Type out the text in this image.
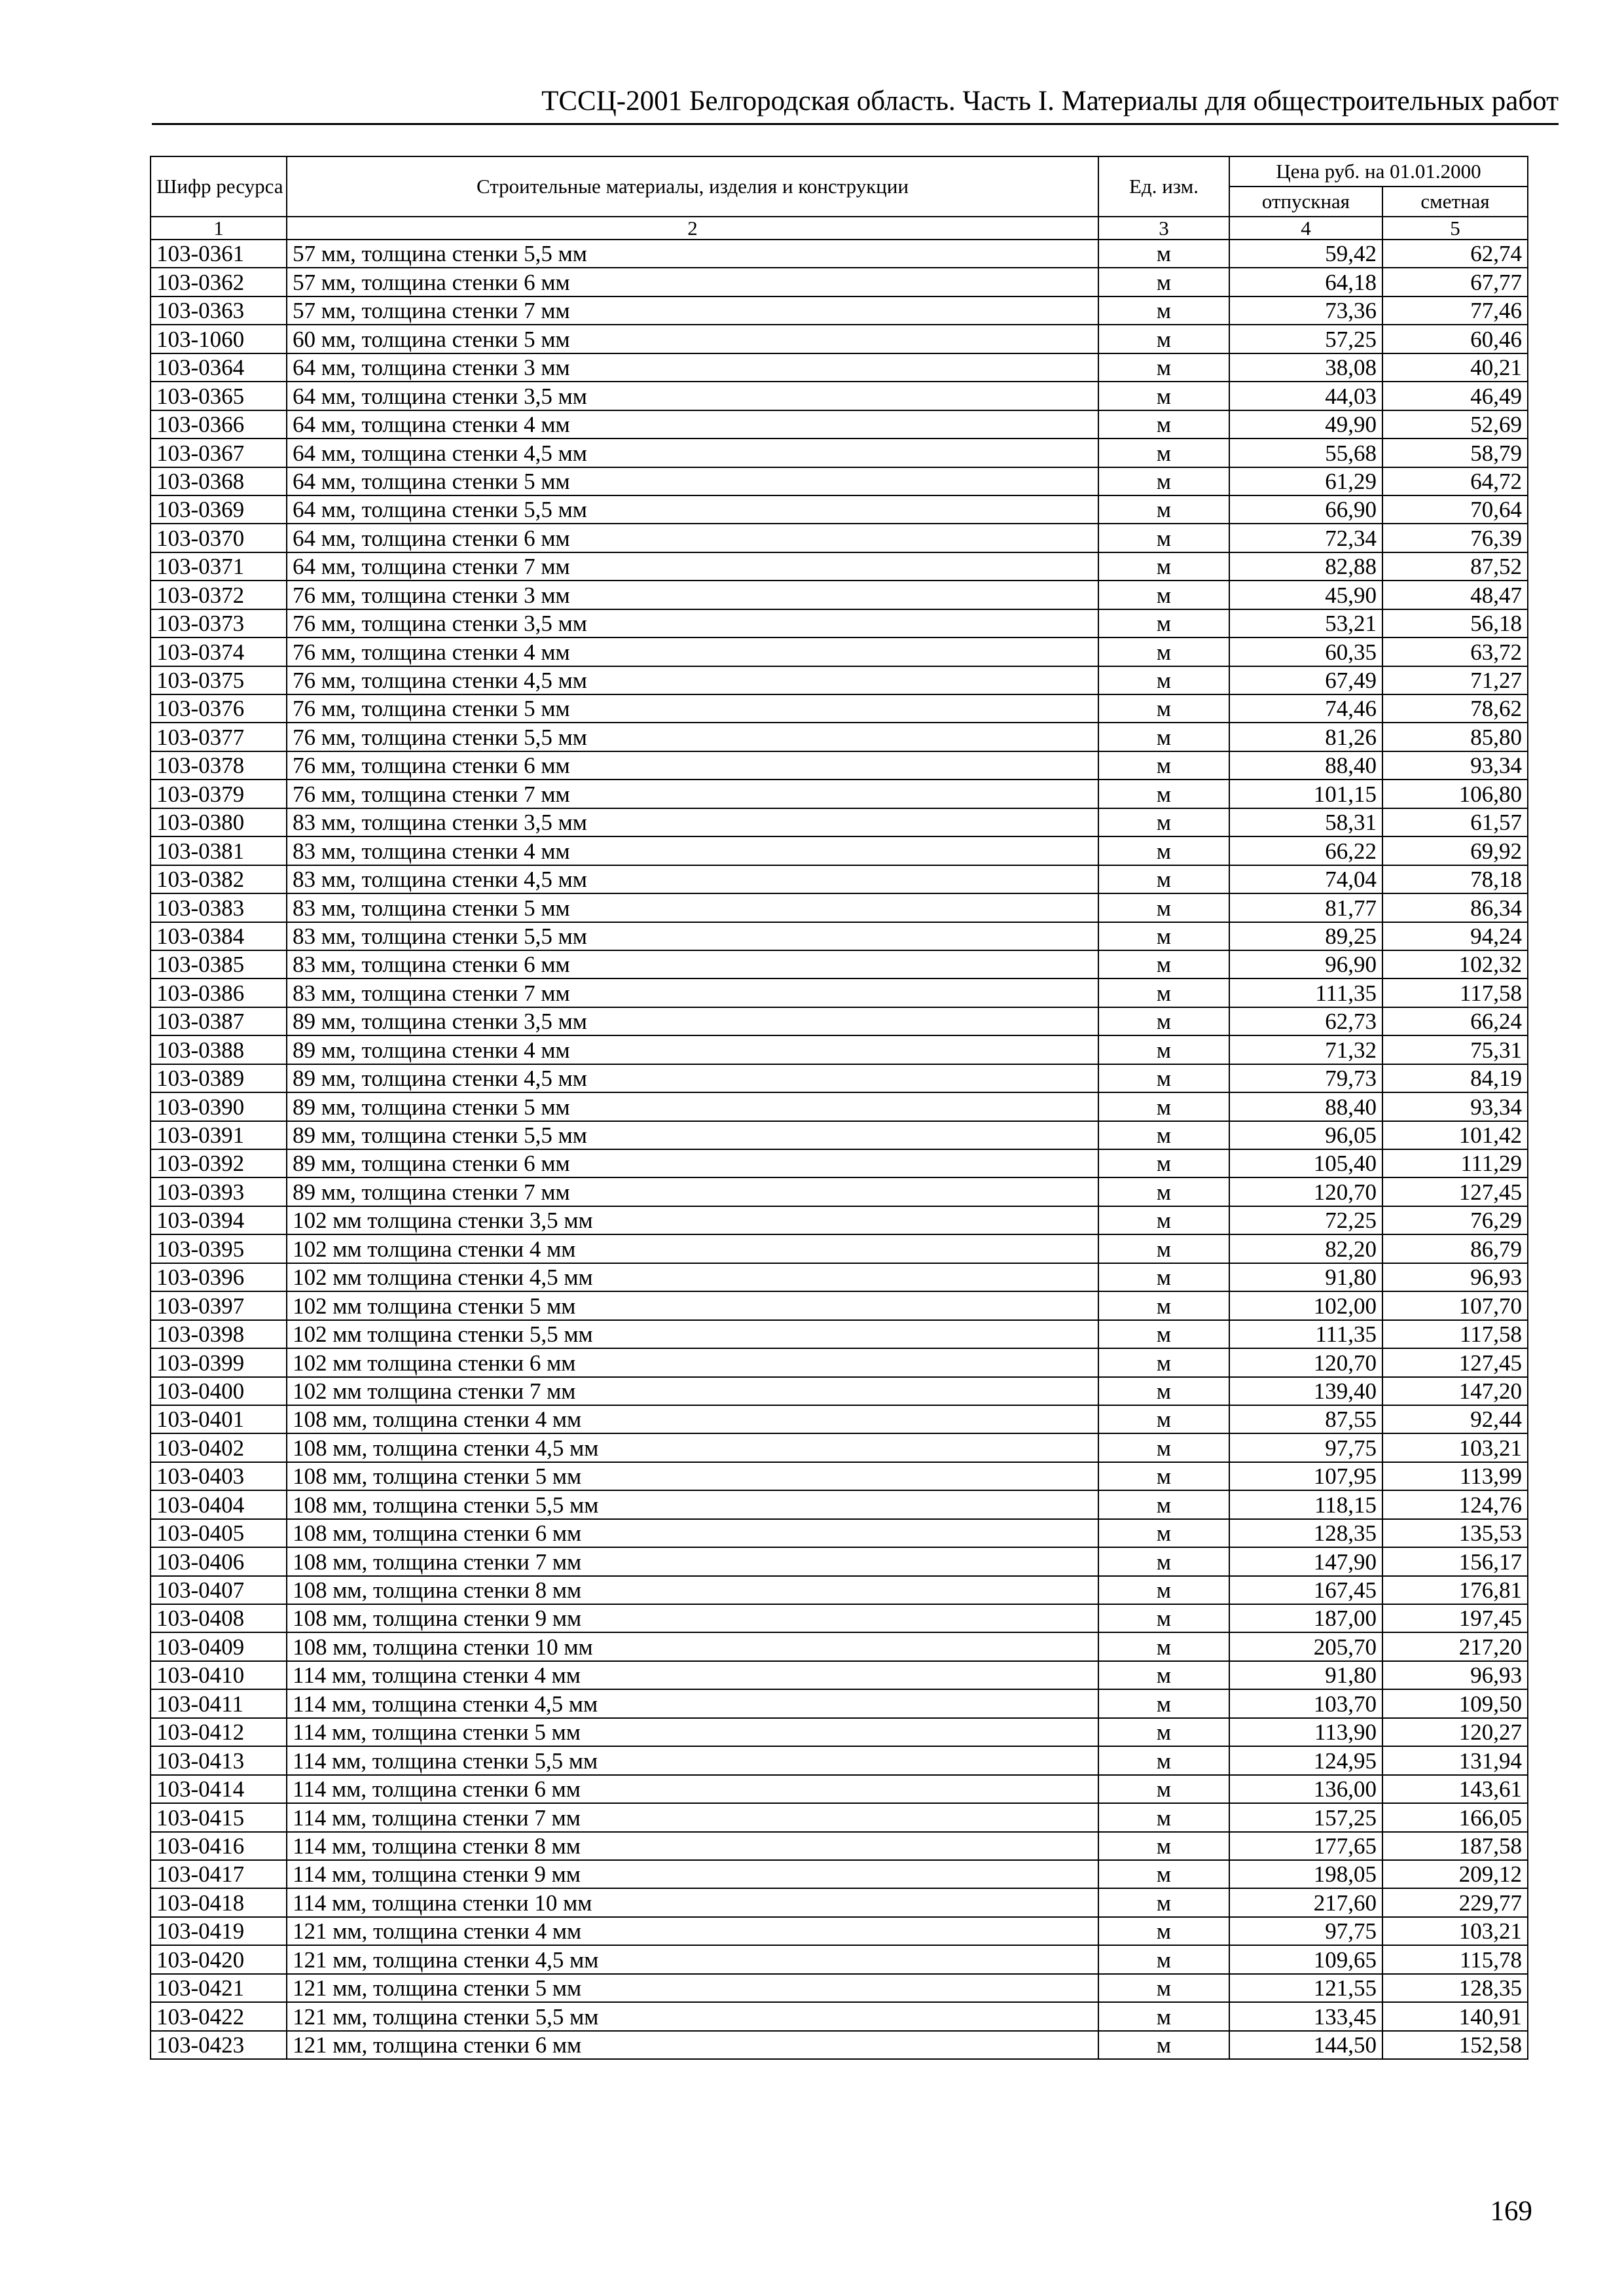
ТССЦ-2001 Белгородская область. Часть I. Материалы для общестроительных работ
Шифр ресурса	Строительные материалы, изделия и конструкции	Ед. изм.	Цена руб. на 01.01.2000	
			отпускная	сметная
1	2	3	4	5
103-0361	57 мм, толщина стенки 5,5 мм	м	59,42	62,74
103-0362	57 мм, толщина стенки 6 мм	м	64,18	67,77
103-0363	57 мм, толщина стенки 7 мм	м	73,36	77,46
103-1060	60 мм, толщина стенки 5 мм	м	57,25	60,46
103-0364	64 мм, толщина стенки 3 мм	м	38,08	40,21
103-0365	64 мм, толщина стенки 3,5 мм	м	44,03	46,49
103-0366	64 мм, толщина стенки 4 мм	м	49,90	52,69
103-0367	64 мм, толщина стенки 4,5 мм	м	55,68	58,79
103-0368	64 мм, толщина стенки 5 мм	м	61,29	64,72
103-0369	64 мм, толщина стенки 5,5 мм	м	66,90	70,64
103-0370	64 мм, толщина стенки 6 мм	м	72,34	76,39
103-0371	64 мм, толщина стенки 7 мм	м	82,88	87,52
103-0372	76 мм, толщина стенки 3 мм	м	45,90	48,47
103-0373	76 мм, толщина стенки 3,5 мм	м	53,21	56,18
103-0374	76 мм, толщина стенки 4 мм	м	60,35	63,72
103-0375	76 мм, толщина стенки 4,5 мм	м	67,49	71,27
103-0376	76 мм, толщина стенки 5 мм	м	74,46	78,62
103-0377	76 мм, толщина стенки 5,5 мм	м	81,26	85,80
103-0378	76 мм, толщина стенки 6 мм	м	88,40	93,34
103-0379	76 мм, толщина стенки 7 мм	м	101,15	106,80
103-0380	83 мм, толщина стенки 3,5 мм	м	58,31	61,57
103-0381	83 мм, толщина стенки 4 мм	м	66,22	69,92
103-0382	83 мм, толщина стенки 4,5 мм	м	74,04	78,18
103-0383	83 мм, толщина стенки 5 мм	м	81,77	86,34
103-0384	83 мм, толщина стенки 5,5 мм	м	89,25	94,24
103-0385	83 мм, толщина стенки 6 мм	м	96,90	102,32
103-0386	83 мм, толщина стенки 7 мм	м	111,35	117,58
103-0387	89 мм, толщина стенки 3,5 мм	м	62,73	66,24
103-0388	89 мм, толщина стенки 4 мм	м	71,32	75,31
103-0389	89 мм, толщина стенки 4,5 мм	м	79,73	84,19
103-0390	89 мм, толщина стенки 5 мм	м	88,40	93,34
103-0391	89 мм, толщина стенки 5,5 мм	м	96,05	101,42
103-0392	89 мм, толщина стенки 6 мм	м	105,40	111,29
103-0393	89 мм, толщина стенки 7 мм	м	120,70	127,45
103-0394	102 мм толщина стенки 3,5 мм	м	72,25	76,29
103-0395	102 мм толщина стенки 4 мм	м	82,20	86,79
103-0396	102 мм толщина стенки 4,5 мм	м	91,80	96,93
103-0397	102 мм толщина стенки 5 мм	м	102,00	107,70
103-0398	102 мм толщина стенки 5,5 мм	м	111,35	117,58
103-0399	102 мм толщина стенки 6 мм	м	120,70	127,45
103-0400	102 мм толщина стенки 7 мм	м	139,40	147,20
103-0401	108 мм, толщина стенки 4 мм	м	87,55	92,44
103-0402	108 мм, толщина стенки 4,5 мм	м	97,75	103,21
103-0403	108 мм, толщина стенки 5 мм	м	107,95	113,99
103-0404	108 мм, толщина стенки 5,5 мм	м	118,15	124,76
103-0405	108 мм, толщина стенки 6 мм	м	128,35	135,53
103-0406	108 мм, толщина стенки 7 мм	м	147,90	156,17
103-0407	108 мм, толщина стенки 8 мм	м	167,45	176,81
103-0408	108 мм, толщина стенки 9 мм	м	187,00	197,45
103-0409	108 мм, толщина стенки 10 мм	м	205,70	217,20
103-0410	114 мм, толщина стенки 4 мм	м	91,80	96,93
103-0411	114 мм, толщина стенки 4,5 мм	м	103,70	109,50
103-0412	114 мм, толщина стенки 5 мм	м	113,90	120,27
103-0413	114 мм, толщина стенки 5,5 мм	м	124,95	131,94
103-0414	114 мм, толщина стенки 6 мм	м	136,00	143,61
103-0415	114 мм, толщина стенки 7 мм	м	157,25	166,05
103-0416	114 мм, толщина стенки 8 мм	м	177,65	187,58
103-0417	114 мм, толщина стенки 9 мм	м	198,05	209,12
103-0418	114 мм, толщина стенки 10 мм	м	217,60	229,77
103-0419	121 мм, толщина стенки 4 мм	м	97,75	103,21
103-0420	121 мм, толщина стенки 4,5 мм	м	109,65	115,78
103-0421	121 мм, толщина стенки 5 мм	м	121,55	128,35
103-0422	121 мм, толщина стенки 5,5 мм	м	133,45	140,91
103-0423	121 мм, толщина стенки 6 мм	м	144,50	152,58
169
